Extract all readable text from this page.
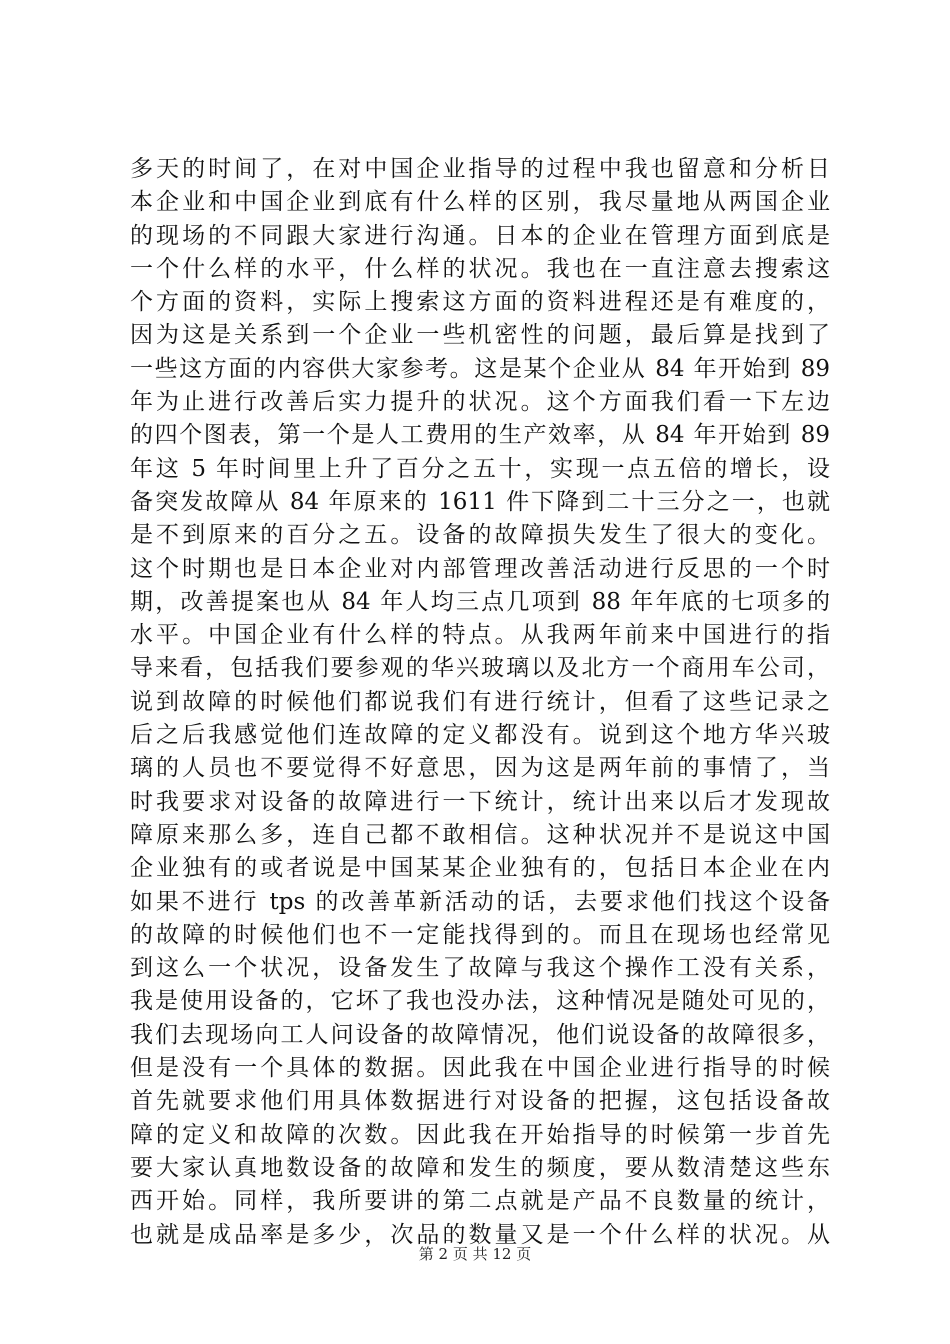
多天的时间了，在对中国企业指导的过程中我也留意和分析日
本企业和中国企业到底有什么样的区别，我尽量地从两国企业
的现场的不同跟大家进行沟通。日本的企业在管理方面到底是
一个什么样的水平，什么样的状况。我也在一直注意去搜索这
个方面的资料，实际上搜索这方面的资料进程还是有难度的，
因为这是关系到一个企业一些机密性的问题，最后算是找到了
一些这方面的内容供大家参考。这是某个企业从 84 年开始到 89
年为止进行改善后实力提升的状况。这个方面我们看一下左边
的四个图表，第一个是人工费用的生产效率，从 84 年开始到 89
年这 5 年时间里上升了百分之五十，实现一点五倍的增长，设
备突发故障从 84 年原来的 1611 件下降到二十三分之一，也就
是不到原来的百分之五。设备的故障损失发生了很大的变化。
这个时期也是日本企业对内部管理改善活动进行反思的一个时
期，改善提案也从 84 年人均三点几项到 88 年年底的七项多的
水平。中国企业有什么样的特点。从我两年前来中国进行的指
导来看，包括我们要参观的华兴玻璃以及北方一个商用车公司，
说到故障的时候他们都说我们有进行统计，但看了这些记录之
后之后我感觉他们连故障的定义都没有。说到这个地方华兴玻
璃的人员也不要觉得不好意思，因为这是两年前的事情了，当
时我要求对设备的故障进行一下统计，统计出来以后才发现故
障原来那么多，连自己都不敢相信。这种状况并不是说这中国
企业独有的或者说是中国某某企业独有的，包括日本企业在内
如果不进行 tps 的改善革新活动的话，去要求他们找这个设备
的故障的时候他们也不一定能找得到的。而且在现场也经常见
到这么一个状况，设备发生了故障与我这个操作工没有关系，
我是使用设备的，它坏了我也没办法，这种情况是随处可见的，
我们去现场向工人问设备的故障情况，他们说设备的故障很多，
但是没有一个具体的数据。因此我在中国企业进行指导的时候
首先就要求他们用具体数据进行对设备的把握，这包括设备故
障的定义和故障的次数。因此我在开始指导的时候第一步首先
要大家认真地数设备的故障和发生的频度，要从数清楚这些东
西开始。同样，我所要讲的第二点就是产品不良数量的统计，
也就是成品率是多少，次品的数量又是一个什么样的状况。从
第 2 页 共 12 页
